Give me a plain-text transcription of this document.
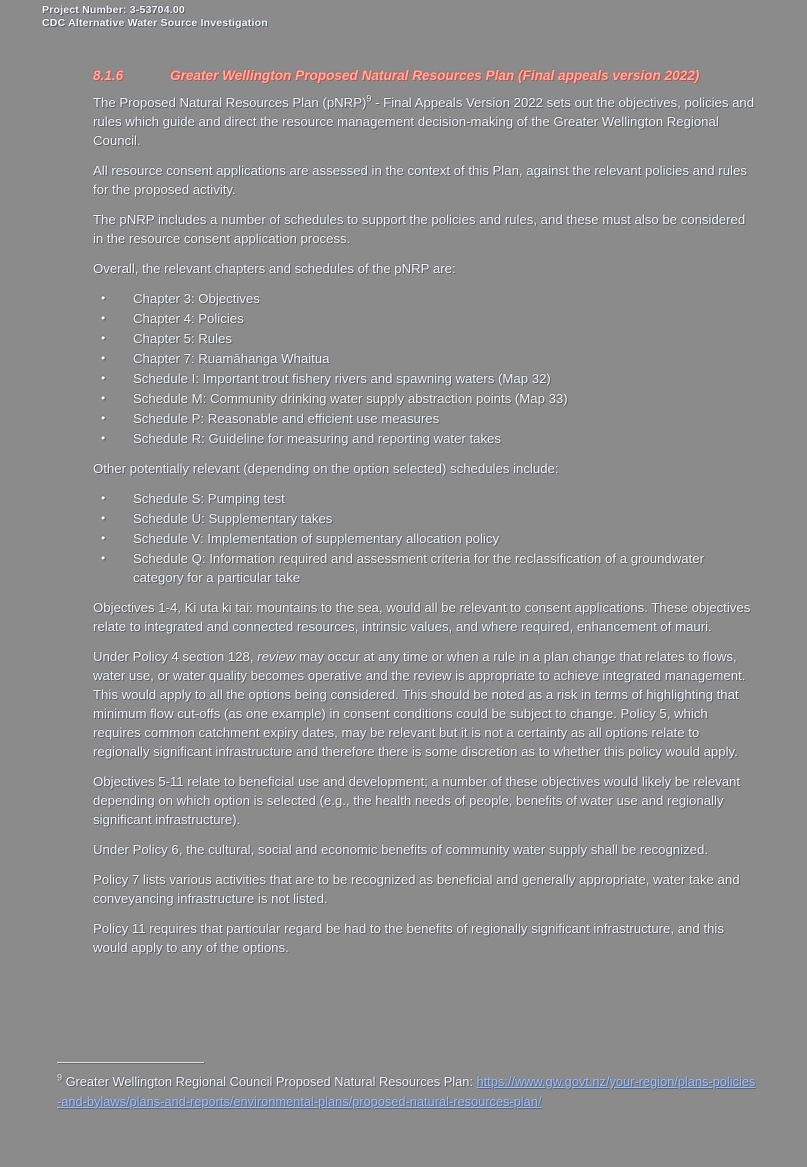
Project Number: 3-53704.00
CDC Alternative Water Source Investigation
8.1.6	Greater Wellington Proposed Natural Resources Plan (Final appeals version 2022)

The Proposed Natural Resources Plan (pNRP)$^9$ - Final Appeals Version 2022 sets out the objectives, policies and rules which guide and direct the resource management decision-making of the Greater Wellington Regional Council.

All resource consent applications are assessed in the context of this Plan, against the relevant policies and rules for the proposed activity.

The pNRP includes a number of schedules to support the policies and rules, and these must also be considered in the resource consent application process.

Overall, the relevant chapters and schedules of the pNRP are:

• Chapter 3: Objectives
• Chapter 4: Policies
• Chapter 5: Rules
• Chapter 7: Ruamāhanga Whaitua
• Schedule I: Important trout fishery rivers and spawning waters (Map 32)
• Schedule M: Community drinking water supply abstraction points (Map 33)
• Schedule P: Reasonable and efficient use measures
• Schedule R: Guideline for measuring and reporting water takes

Other potentially relevant (depending on the option selected) schedules include:

• Schedule S: Pumping test
• Schedule U: Supplementary takes
• Schedule V: Implementation of supplementary allocation policy
• Schedule Q: Information required and assessment criteria for the reclassification of a groundwater category for a particular take

Objectives 1-4, Ki uta ki tai: mountains to the sea, would all be relevant to consent applications. These objectives relate to integrated and connected resources, intrinsic values, and where required, enhancement of mauri.

Under Policy 4 section 128, review may occur at any time or when a rule in a plan change that relates to flows, water use, or water quality becomes operative and the review is appropriate to achieve integrated management. This would apply to all the options being considered. This should be noted as a risk in terms of highlighting that minimum flow cut-offs (as one example) in consent conditions could be subject to change. Policy 5, which requires common catchment expiry dates, may be relevant but it is not a certainty as all options relate to regionally significant infrastructure and therefore there is some discretion as to whether this policy would apply.

Objectives 5-11 relate to beneficial use and development; a number of these objectives would likely be relevant depending on which option is selected (e.g., the health needs of people, benefits of water use and regionally significant infrastructure).

Under Policy 6, the cultural, social and economic benefits of community water supply shall be recognized.

Policy 7 lists various activities that are to be recognized as beneficial and generally appropriate, water take and conveyancing infrastructure is not listed.

Policy 11 requires that particular regard be had to the benefits of regionally significant infrastructure, and this would apply to any of the options.

$^9$ Greater Wellington Regional Council Proposed Natural Resources Plan: https://www.gw.govt.nz/your-region/plans-policies-and-bylaws/plans-and-reports/environmental-plans/proposed-natural-resources-plan/
